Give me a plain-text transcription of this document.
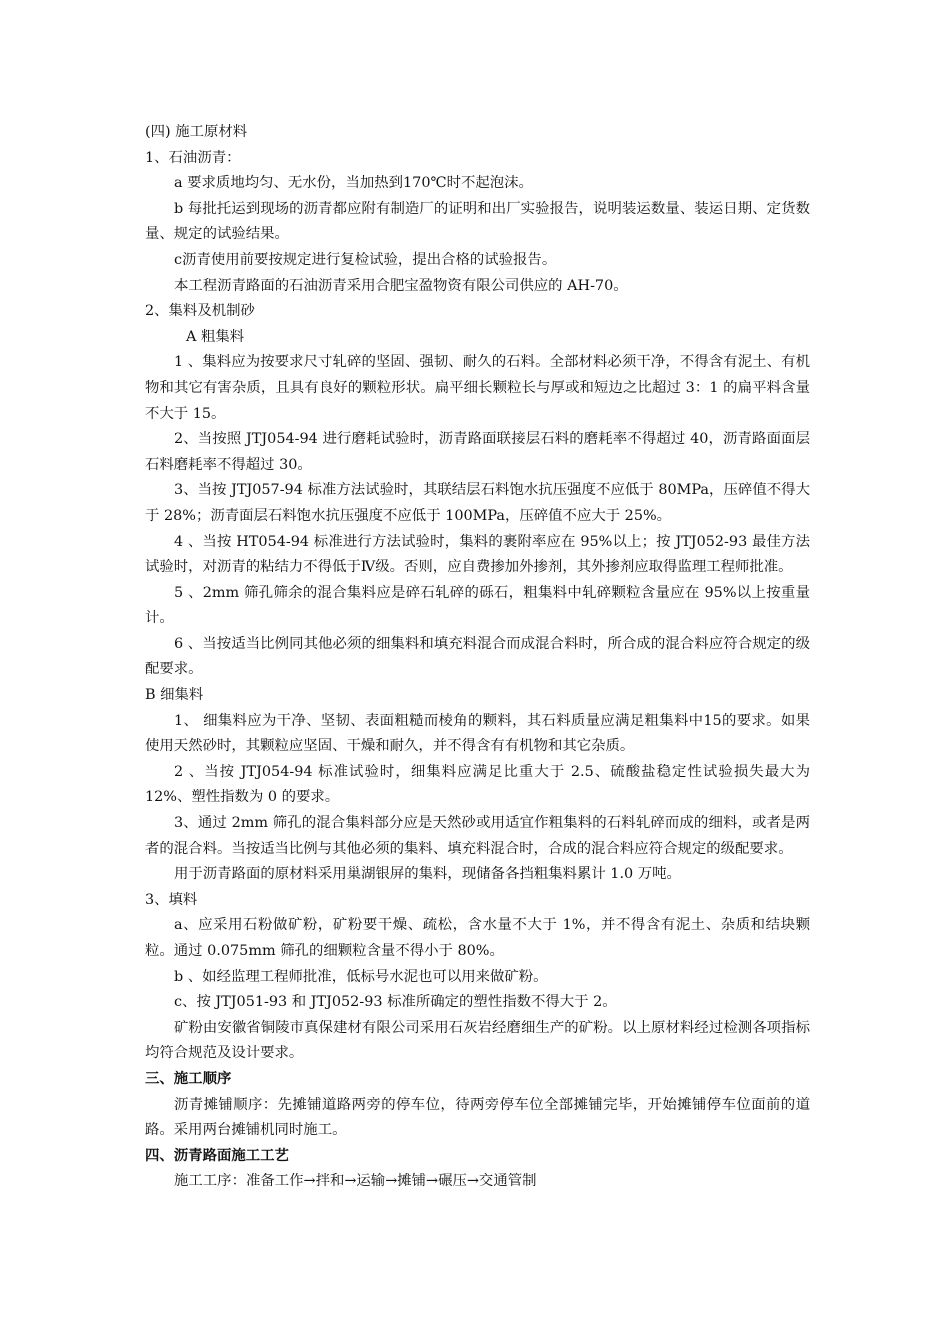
(四) 施工原材料

1、石油沥青：

a 要求质地均匀、无水份，当加热到170℃时不起泡沫。

b 每批托运到现场的沥青都应附有制造厂的证明和出厂实验报告，说明装运数量、装运日期、定货数量、规定的试验结果。

c沥青使用前要按规定进行复检试验，提出合格的试验报告。

本工程沥青路面的石油沥青采用合肥宝盈物资有限公司供应的 AH-70。

2、集料及机制砂

A 粗集料

1 、集料应为按要求尺寸轧碎的坚固、强韧、耐久的石料。全部材料必须干净，不得含有泥土、有机物和其它有害杂质，且具有良好的颗粒形状。扁平细长颗粒长与厚或和短边之比超过 3：1 的扁平料含量不大于 15。

2、当按照 JTJ054-94 进行磨耗试验时，沥青路面联接层石料的磨耗率不得超过 40，沥青路面面层石料磨耗率不得超过 30。

3、当按 JTJ057-94 标准方法试验时，其联结层石料饱水抗压强度不应低于 80MPa，压碎值不得大于 28%；沥青面层石料饱水抗压强度不应低于 100MPa，压碎值不应大于 25%。

4 、当按 HT054-94 标准进行方法试验时，集料的裹附率应在 95%以上；按 JTJ052-93 最佳方法试验时，对沥青的粘结力不得低于Ⅳ级。否则，应自费掺加外掺剂，其外掺剂应取得监理工程师批准。

5 、2mm 筛孔筛余的混合集料应是碎石轧碎的砾石，粗集料中轧碎颗粒含量应在 95%以上按重量计。

6 、当按适当比例同其他必须的细集料和填充料混合而成混合料时，所合成的混合料应符合规定的级配要求。

B 细集料

1、 细集料应为干净、坚韧、表面粗糙而棱角的颗料，其石料质量应满足粗集料中15的要求。如果使用天然砂时，其颗粒应坚固、干燥和耐久，并不得含有有机物和其它杂质。

2 、当按 JTJ054-94 标准试验时，细集料应满足比重大于 2.5、硫酸盐稳定性试验损失最大为 12%、塑性指数为 0 的要求。

3、通过 2mm 筛孔的混合集料部分应是天然砂或用适宜作粗集料的石料轧碎而成的细料，或者是两者的混合料。当按适当比例与其他必须的集料、填充料混合时，合成的混合料应符合规定的级配要求。

用于沥青路面的原材料采用巢湖银屏的集料，现储备各挡粗集料累计 1.0 万吨。

3、填料

a、应采用石粉做矿粉，矿粉要干燥、疏松，含水量不大于 1%，并不得含有泥土、杂质和结块颗粒。通过 0.075mm 筛孔的细颗粒含量不得小于 80%。

b 、如经监理工程师批准，低标号水泥也可以用来做矿粉。

c、按 JTJ051-93 和 JTJ052-93 标准所确定的塑性指数不得大于 2。

矿粉由安徽省铜陵市真保建材有限公司采用石灰岩经磨细生产的矿粉。以上原材料经过检测各项指标均符合规范及设计要求。

三、施工顺序

沥青摊铺顺序：先摊铺道路两旁的停车位，待两旁停车位全部摊铺完毕，开始摊铺停车位面前的道路。采用两台摊铺机同时施工。

四、沥青路面施工工艺

施工工序：准备工作→拌和→运输→摊铺→碾压→交通管制
